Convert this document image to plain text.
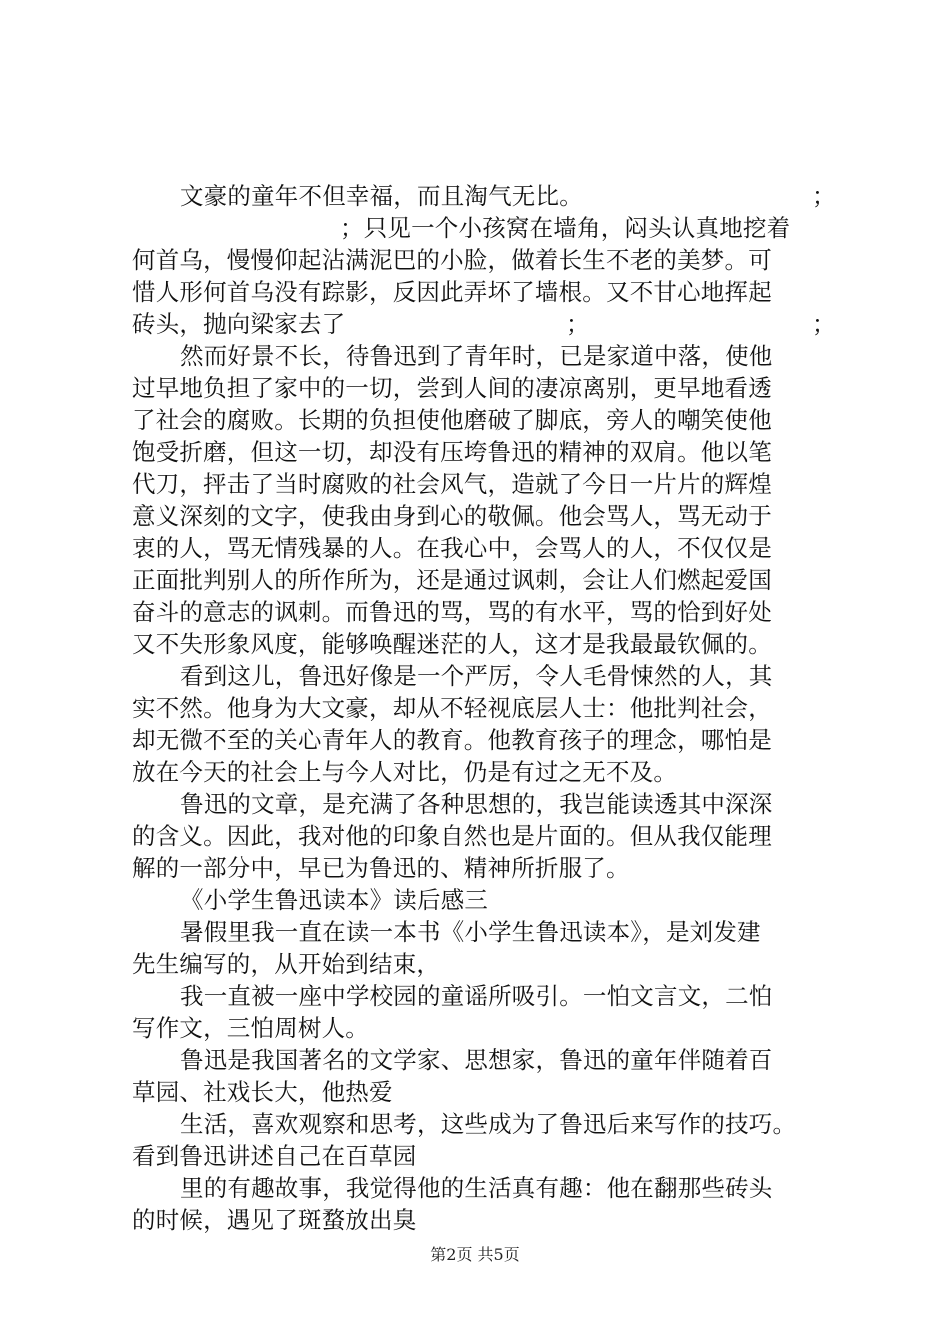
文豪的童年不但幸福，而且淘气无比。	；
；只见一个小孩窝在墙角，闷头认真地挖着
何首乌，慢慢仰起沾满泥巴的小脸，做着长生不老的美梦。可
惜人形何首乌没有踪影，反因此弄坏了墙根。又不甘心地挥起
砖头，抛向梁家去了	；	；
然而好景不长，待鲁迅到了青年时，已是家道中落，使他
过早地负担了家中的一切，尝到人间的凄凉离别，更早地看透
了社会的腐败。长期的负担使他磨破了脚底，旁人的嘲笑使他
饱受折磨，但这一切，却没有压垮鲁迅的精神的双肩。他以笔
代刀，抨击了当时腐败的社会风气，造就了今日一片片的辉煌
意义深刻的文字，使我由身到心的敬佩。他会骂人，骂无动于
衷的人，骂无情残暴的人。在我心中，会骂人的人，不仅仅是
正面批判别人的所作所为，还是通过讽刺，会让人们燃起爱国
奋斗的意志的讽刺。而鲁迅的骂，骂的有水平，骂的恰到好处
又不失形象风度，能够唤醒迷茫的人，这才是我最最钦佩的。
看到这儿，鲁迅好像是一个严厉，令人毛骨悚然的人，其
实不然。他身为大文豪，却从不轻视底层人士：他批判社会，
却无微不至的关心青年人的教育。他教育孩子的理念，哪怕是
放在今天的社会上与今人对比，仍是有过之无不及。
鲁迅的文章，是充满了各种思想的，我岂能读透其中深深
的含义。因此，我对他的印象自然也是片面的。但从我仅能理
解的一部分中，早已为鲁迅的、精神所折服了。
《小学生鲁迅读本》读后感三
暑假里我一直在读一本书《小学生鲁迅读本》，是刘发建
先生编写的，从开始到结束，
我一直被一座中学校园的童谣所吸引。一怕文言文，二怕
写作文，三怕周树人。
鲁迅是我国著名的文学家、思想家，鲁迅的童年伴随着百
草园、社戏长大，他热爱
生活，喜欢观察和思考，这些成为了鲁迅后来写作的技巧。
看到鲁迅讲述自己在百草园
里的有趣故事，我觉得他的生活真有趣：他在翻那些砖头
的时候，遇见了斑蝥放出臭
第2页 共5页
